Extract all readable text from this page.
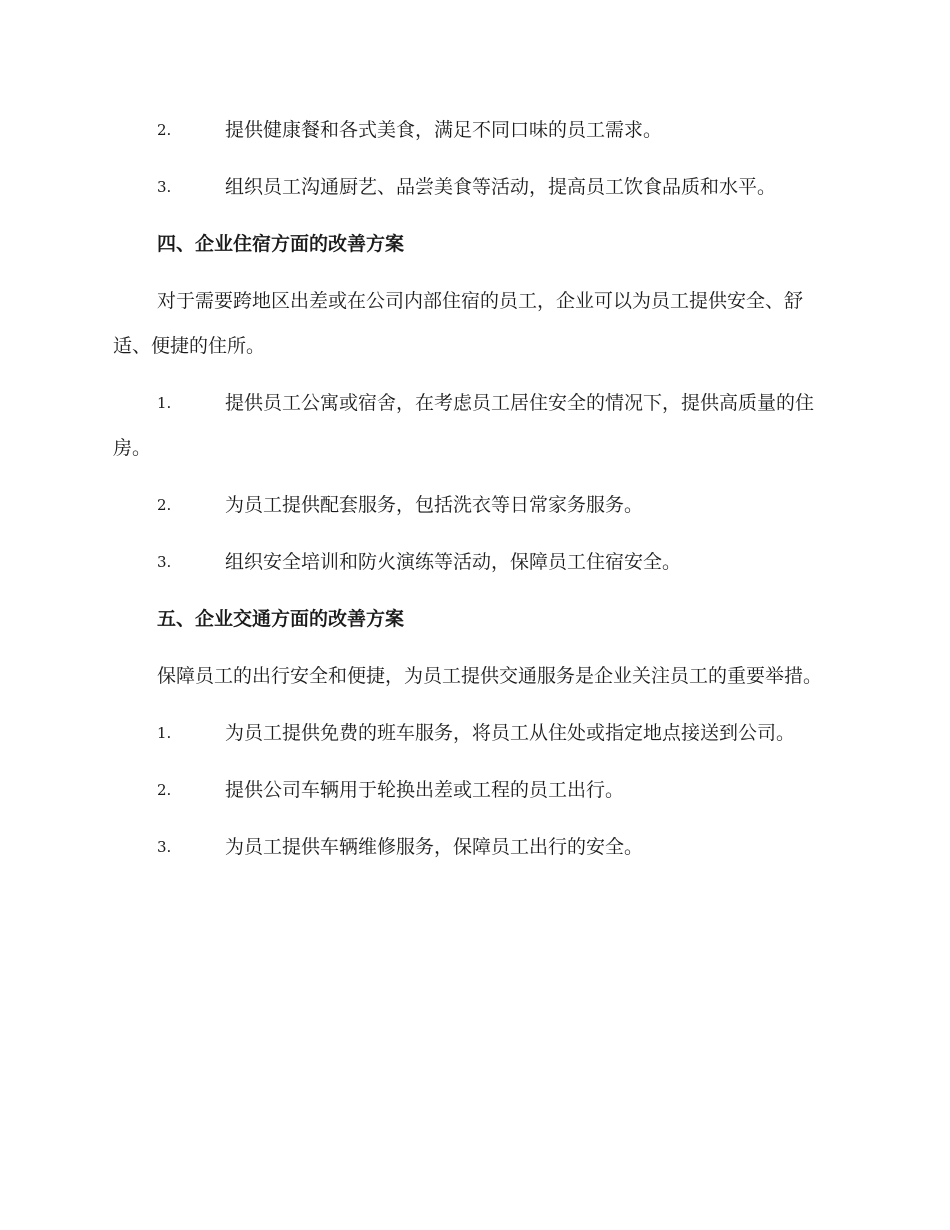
2.	提供健康餐和各式美食，满足不同口味的员工需求。
3.	组织员工沟通厨艺、品尝美食等活动，提高员工饮食品质和水平。
四、企业住宿方面的改善方案
对于需要跨地区出差或在公司内部住宿的员工，企业可以为员工提供安全、舒适、便捷的住所。
1.	提供员工公寓或宿舍，在考虑员工居住安全的情况下，提供高质量的住房。
2.	为员工提供配套服务，包括洗衣等日常家务服务。
3.	组织安全培训和防火演练等活动，保障员工住宿安全。
五、企业交通方面的改善方案
保障员工的出行安全和便捷，为员工提供交通服务是企业关注员工的重要举措。
1.	为员工提供免费的班车服务，将员工从住处或指定地点接送到公司。
2.	提供公司车辆用于轮换出差或工程的员工出行。
3.	为员工提供车辆维修服务，保障员工出行的安全。
